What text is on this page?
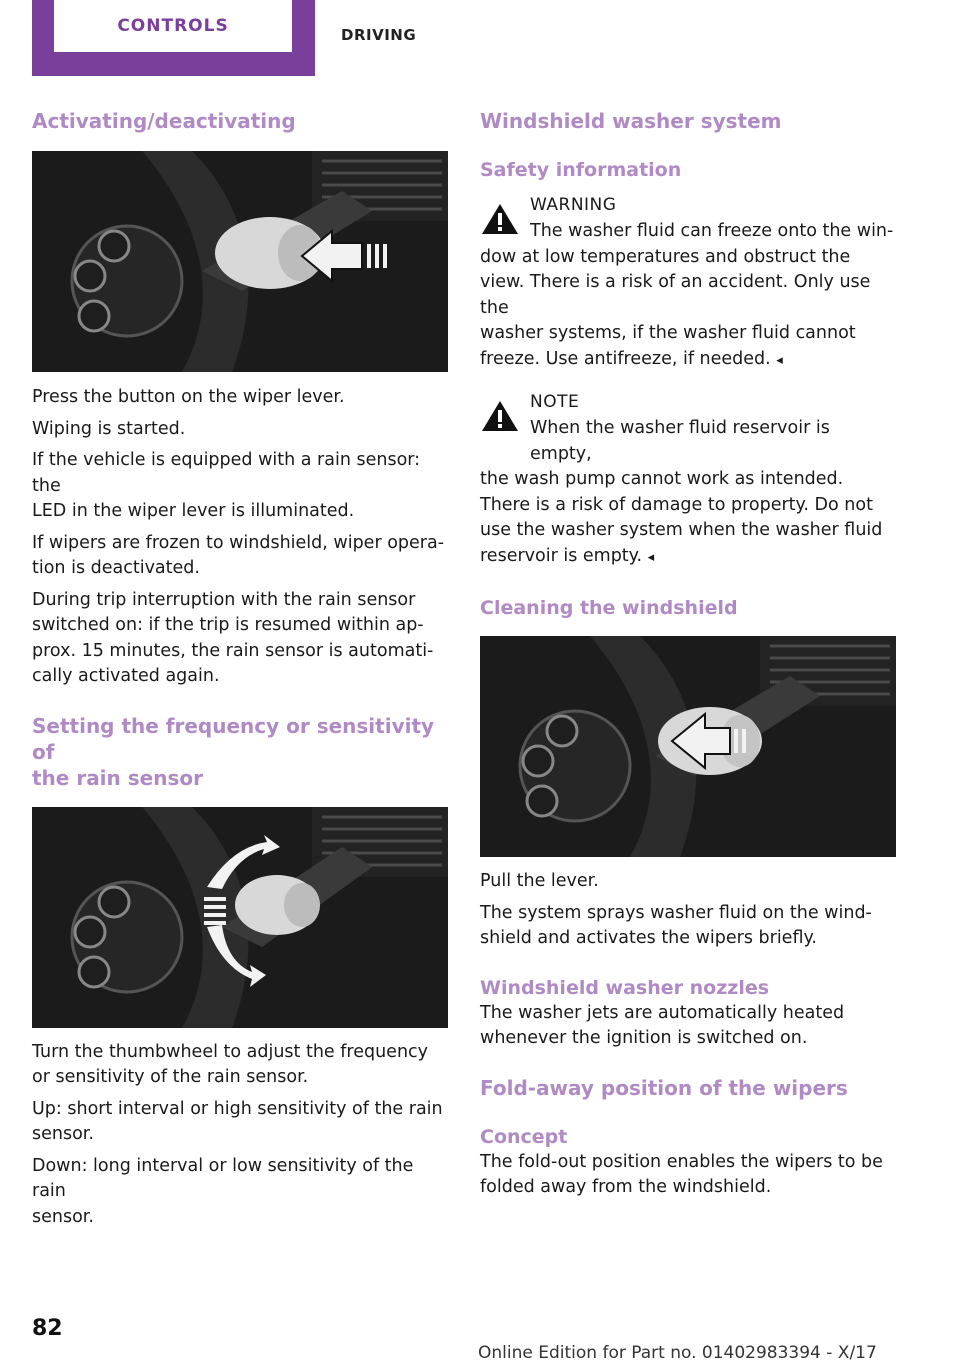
CONTROLS	DRIVING
Activating/deactivating

Press the button on the wiper lever.

Wiping is started.

If the vehicle is equipped with a rain sensor: the

LED in the wiper lever is illuminated.

If wipers are frozen to windshield, wiper opera‐

tion is deactivated.

During trip interruption with the rain sensor

switched on: if the trip is resumed within ap‐

prox. 15 minutes, the rain sensor is automati‐

cally activated again.

Setting the frequency or sensitivity of
the rain sensor

Turn the thumbwheel to adjust the frequency

or sensitivity of the rain sensor.

Up: short interval or high sensitivity of the rain

sensor.

Down: long interval or low sensitivity of the rain

sensor.

Windshield washer system
Safety information
WARNING

The washer fluid can freeze onto the win‐

dow at low temperatures and obstruct the

view. There is a risk of an accident. Only use the

washer systems, if the washer fluid cannot

freeze. Use antifreeze, if needed. ◂

NOTE

When the washer fluid reservoir is empty,

the wash pump cannot work as intended.

There is a risk of damage to property. Do not

use the washer system when the washer fluid

reservoir is empty. ◂

Cleaning the windshield

Pull the lever.

The system sprays washer fluid on the wind‐

shield and activates the wipers briefly.

Windshield washer nozzles

The washer jets are automatically heated

whenever the ignition is switched on.

Fold-away position of the wipers
Concept

The fold-out position enables the wipers to be

folded away from the windshield.

82
Online Edition for Part no. 01402983394 - X/17
